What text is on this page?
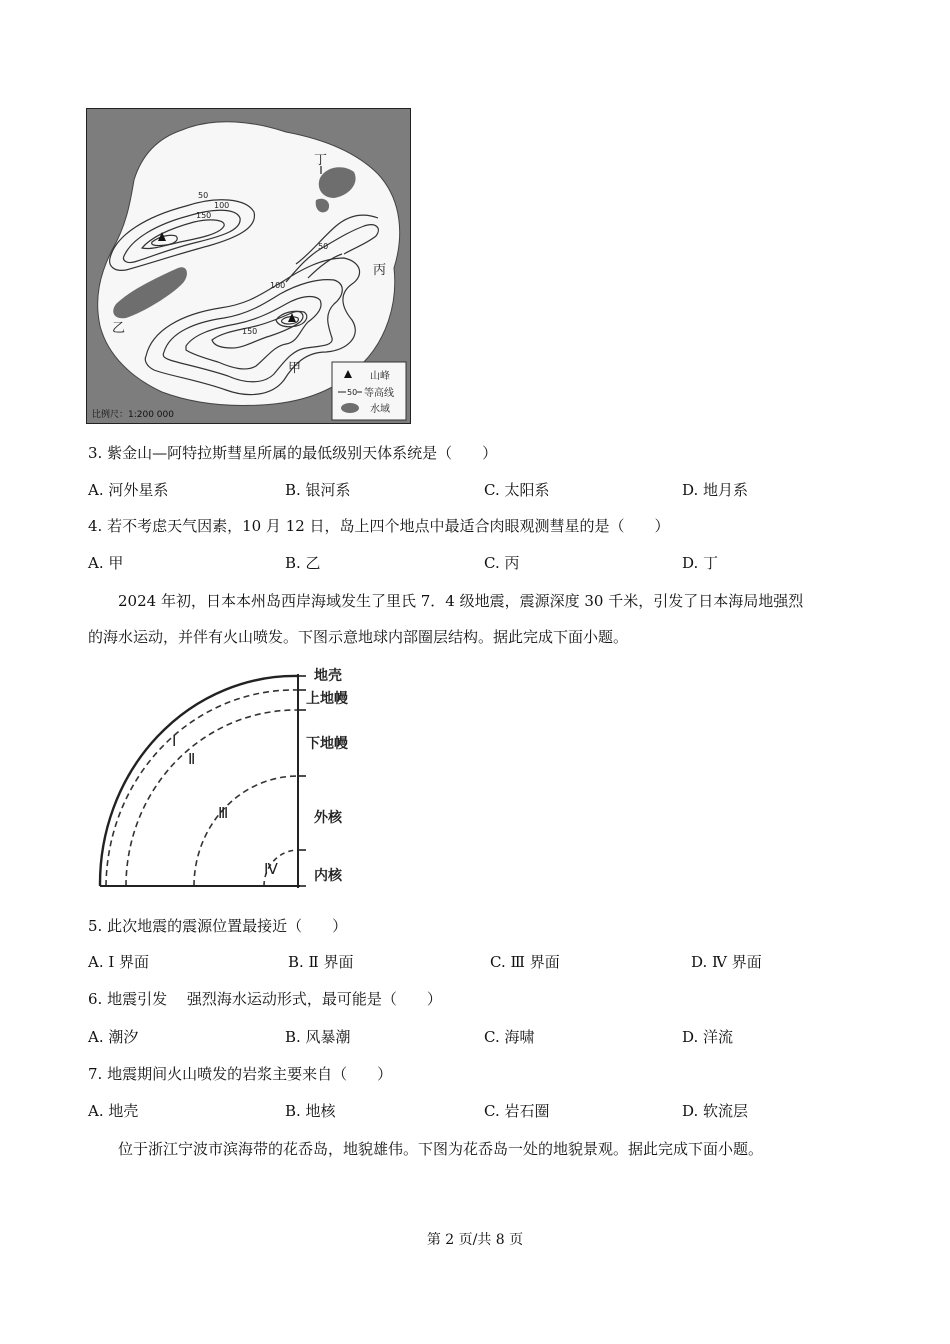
50
100
150
50
100
150
丁
丙
乙
甲
山峰
50 等高线
水域
比例尺：1:200 000
3. 紫金山—阿特拉斯彗星所属的最低级别天体系统是（　　）
A. 河外星系	B. 银河系	C. 太阳系	D. 地月系
4. 若不考虑天气因素，10 月 12 日，岛上四个地点中最适合肉眼观测彗星的是（　　）
A. 甲	B. 乙	C. 丙	D. 丁
2024 年初，日本本州岛西岸海域发生了里氏 7．4 级地震，震源深度 30 千米，引发了日本海局地强烈
的海水运动，并伴有火山喷发。下图示意地球内部圈层结构。据此完成下面小题。
地壳
上地幔
下地幔
外核
内核
Ⅰ
Ⅱ
Ⅲ
Ⅳ
5. 此次地震的震源位置最接近（　　）
A. Ⅰ 界面	B. Ⅱ 界面	C. Ⅲ 界面	D. Ⅳ 界面
6. 地震引发　 强烈海水运动形式，最可能是（　　）
A. 潮汐	B. 风暴潮	C. 海啸	D. 洋流
7. 地震期间火山喷发的岩浆主要来自（　　）
A. 地壳	B. 地核	C. 岩石圈	D. 软流层
位于浙江宁波市滨海带的花岙岛，地貌雄伟。下图为花岙岛一处的地貌景观。据此完成下面小题。
第 2 页/共 8 页
